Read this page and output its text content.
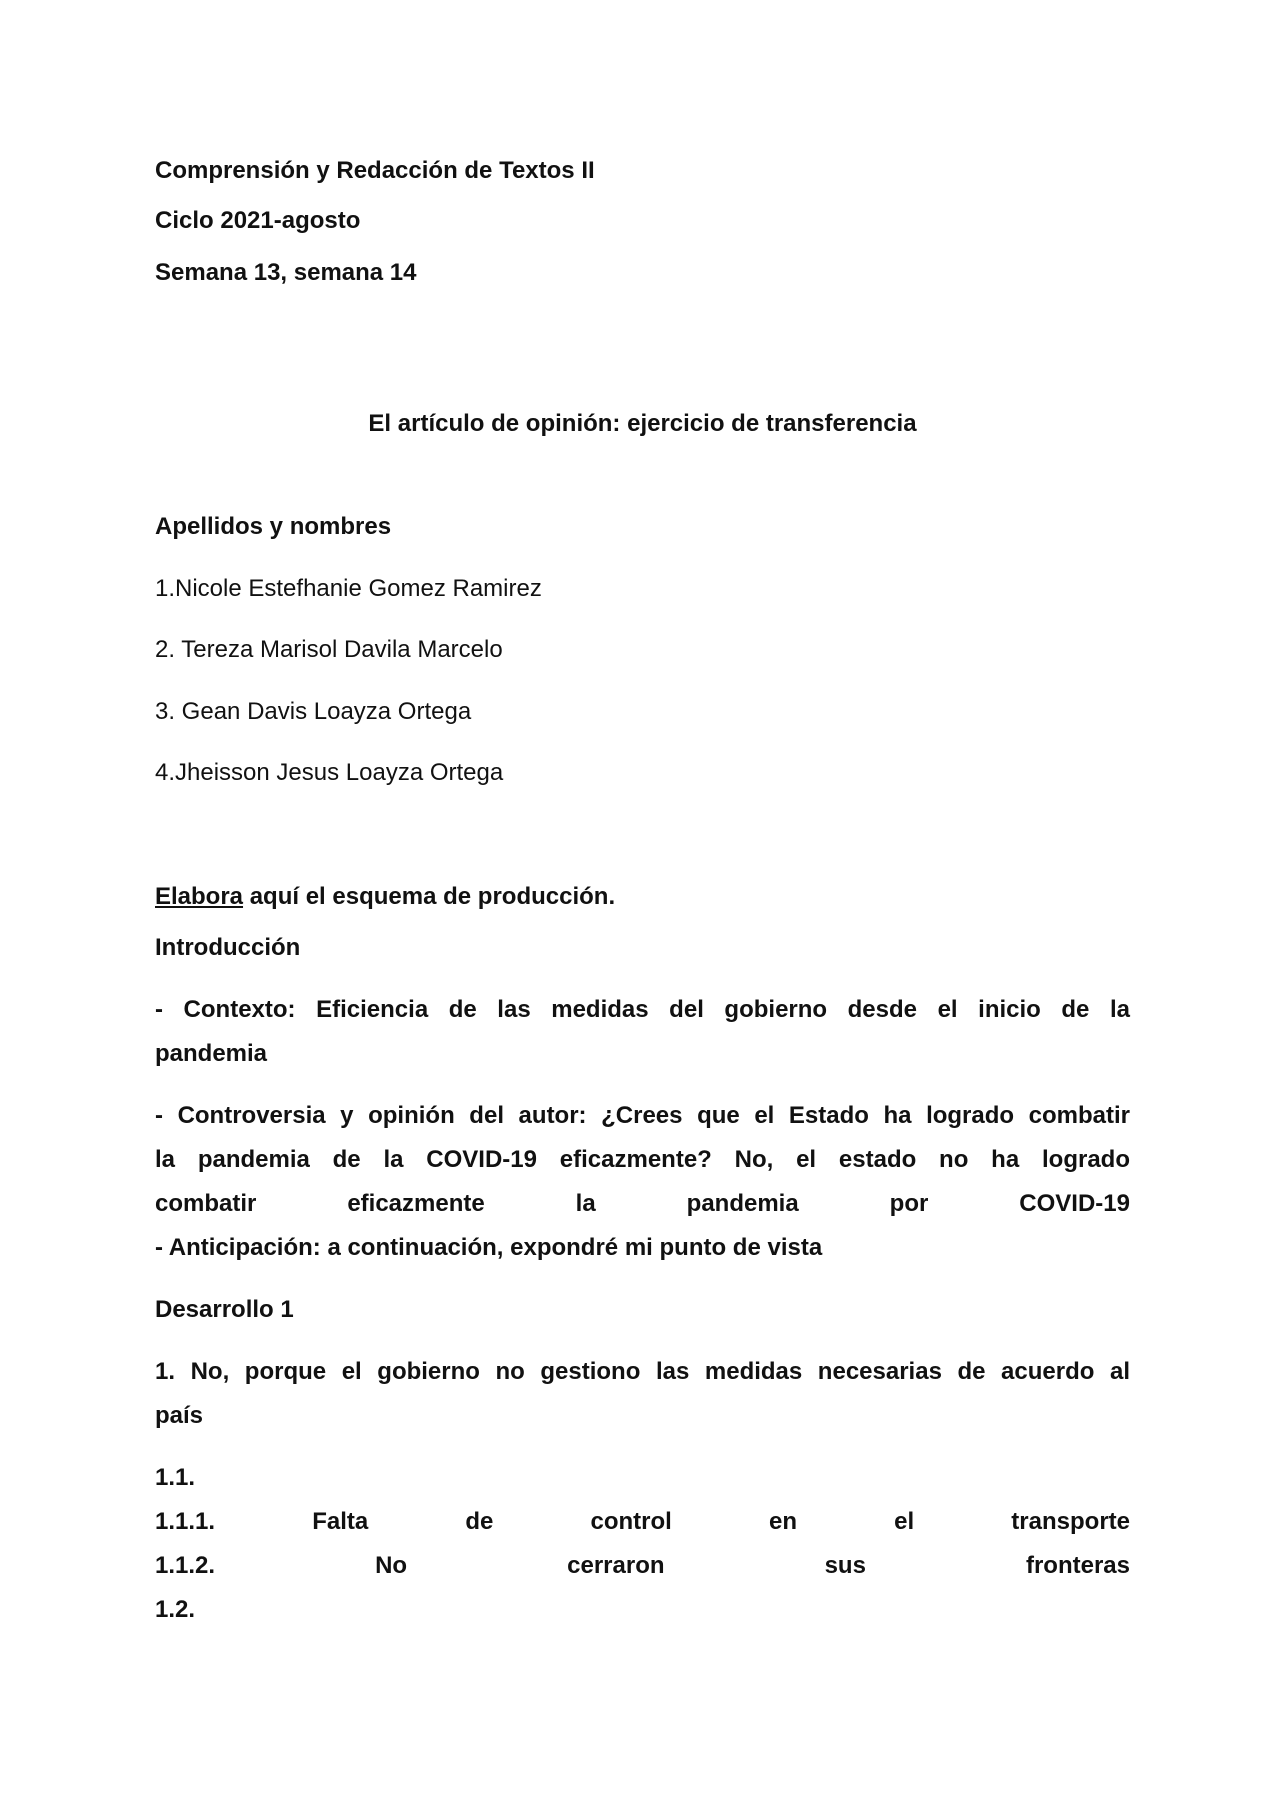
Comprensión y Redacción de Textos II

Ciclo 2021-agosto

Semana 13, semana 14

El artículo de opinión: ejercicio de transferencia

Apellidos y nombres

1.Nicole Estefhanie Gomez Ramirez

2. Tereza Marisol Davila Marcelo

3. Gean Davis Loayza Ortega

4.Jheisson Jesus Loayza Ortega

Elabora aquí el esquema de producción.

Introducción

- Contexto: Eficiencia de las medidas del gobierno desde el inicio de la

pandemia

- Controversia y opinión del autor: ¿Crees que el Estado ha logrado combatir

la pandemia de la COVID-19 eficazmente? No, el estado no ha logrado

combatir eficazmente la pandemia por COVID-19

- Anticipación: a continuación, expondré mi punto de vista

Desarrollo 1

1. No, porque el gobierno no gestiono las medidas necesarias de acuerdo al

país

1.1.

1.1.1. Falta de control en el transporte

1.1.2. No cerraron sus fronteras

1.2.
